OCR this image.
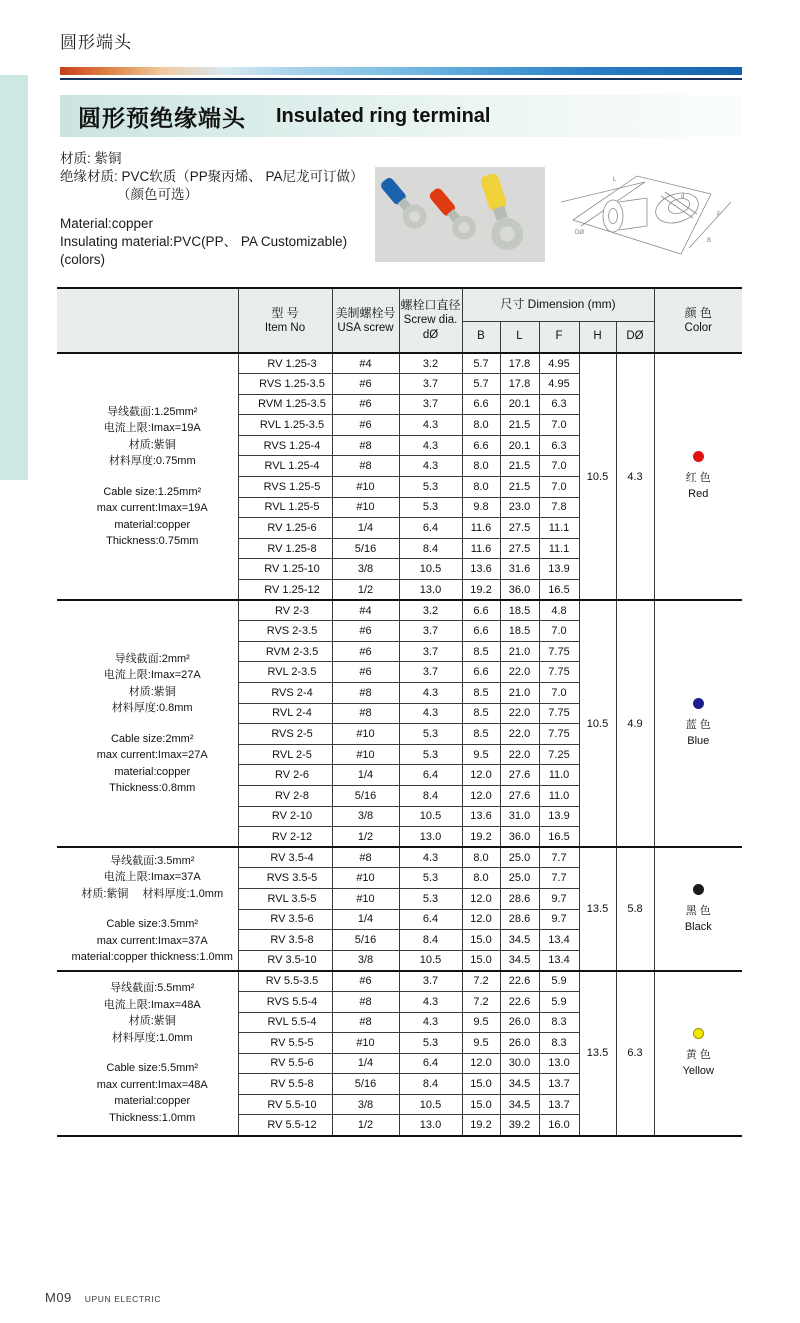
圆形端头
圆形预绝缘端头 Insulated ring terminal
材质: 紫铜
绝缘材质: PVC软质（PP聚丙烯、 PA尼龙可订做）
（颜色可选）
Material:copper
Insulating material:PVC(PP、 PA Customizable)(colors)
L
B
DØ
F
d

型 号
Item No

美制螺栓号
USA screw

螺栓口直径
Screw dia.
dØ
	尺寸 Dimension (mm)	
颜 色
Color

				B	L	F	H	DØ	

导线截面:1.25mm²
电流上限:Imax=19A
材质:紫铜
材料厚度:0.75mm
Cable size:1.25mm²
max current:Imax=19A
material:copper
Thickness:0.75mm
	RV 1.25-3	#4	3.2	5.7	17.8	4.95	10.5	4.3	红 色
Red

	RVS 1.25-3.5	#6	3.7	5.7	17.8	4.95			
	RVM 1.25-3.5	#6	3.7	6.6	20.1	6.3			
	RVL 1.25-3.5	#6	4.3	8.0	21.5	7.0			
	RVS 1.25-4	#8	4.3	6.6	20.1	6.3			
	RVL 1.25-4	#8	4.3	8.0	21.5	7.0			
	RVS 1.25-5	#10	5.3	8.0	21.5	7.0			
	RVL 1.25-5	#10	5.3	9.8	23.0	7.8			
	RV 1.25-6	1/4	6.4	11.6	27.5	11.1			
	RV 1.25-8	5/16	8.4	11.6	27.5	11.1			
	RV 1.25-10	3/8	10.5	13.6	31.6	13.9			
	RV 1.25-12	1/2	13.0	19.2	36.0	16.5			

导线截面:2mm²
电流上限:Imax=27A
材质:紫铜
材料厚度:0.8mm
Cable size:2mm²
max current:Imax=27A
material:copper
Thickness:0.8mm
	RV 2-3	#4	3.2	6.6	18.5	4.8	10.5	4.9	蓝 色
Blue

	RVS 2-3.5	#6	3.7	6.6	18.5	7.0			
	RVM 2-3.5	#6	3.7	8.5	21.0	7.75			
	RVL 2-3.5	#6	3.7	6.6	22.0	7.75			
	RVS 2-4	#8	4.3	8.5	21.0	7.0			
	RVL 2-4	#8	4.3	8.5	22.0	7.75			
	RVS 2-5	#10	5.3	8.5	22.0	7.75			
	RVL 2-5	#10	5.3	9.5	22.0	7.25			
	RV 2-6	1/4	6.4	12.0	27.6	11.0			
	RV 2-8	5/16	8.4	12.0	27.6	11.0			
	RV 2-10	3/8	10.5	13.6	31.0	13.9			
	RV 2-12	1/2	13.0	19.2	36.0	16.5			

导线截面:3.5mm²
电流上限:Imax=37A
材质:紫铜　 材料厚度:1.0mm
Cable size:3.5mm²
max current:Imax=37A
material:copper thickness:1.0mm
	RV 3.5-4	#8	4.3	8.0	25.0	7.7	13.5	5.8	黑 色
Black

	RVS 3.5-5	#10	5.3	8.0	25.0	7.7			
	RVL 3.5-5	#10	5.3	12.0	28.6	9.7			
	RV 3.5-6	1/4	6.4	12.0	28.6	9.7			
	RV 3.5-8	5/16	8.4	15.0	34.5	13.4			
	RV 3.5-10	3/8	10.5	15.0	34.5	13.4			

导线截面:5.5mm²
电流上限:Imax=48A
材质:紫铜
材料厚度:1.0mm
Cable size:5.5mm²
max current:Imax=48A
material:copper
Thickness:1.0mm
	RV 5.5-3.5	#6	3.7	7.2	22.6	5.9	13.5	6.3	黄 色
Yellow

	RVS 5.5-4	#8	4.3	7.2	22.6	5.9			
	RVL 5.5-4	#8	4.3	9.5	26.0	8.3			
	RV 5.5-5	#10	5.3	9.5	26.0	8.3			
	RV 5.5-6	1/4	6.4	12.0	30.0	13.0			
	RV 5.5-8	5/16	8.4	15.0	34.5	13.7			
	RV 5.5-10	3/8	10.5	15.0	34.5	13.7			
	RV 5.5-12	1/2	13.0	19.2	39.2	16.0			
M09 UPUN ELECTRIC
